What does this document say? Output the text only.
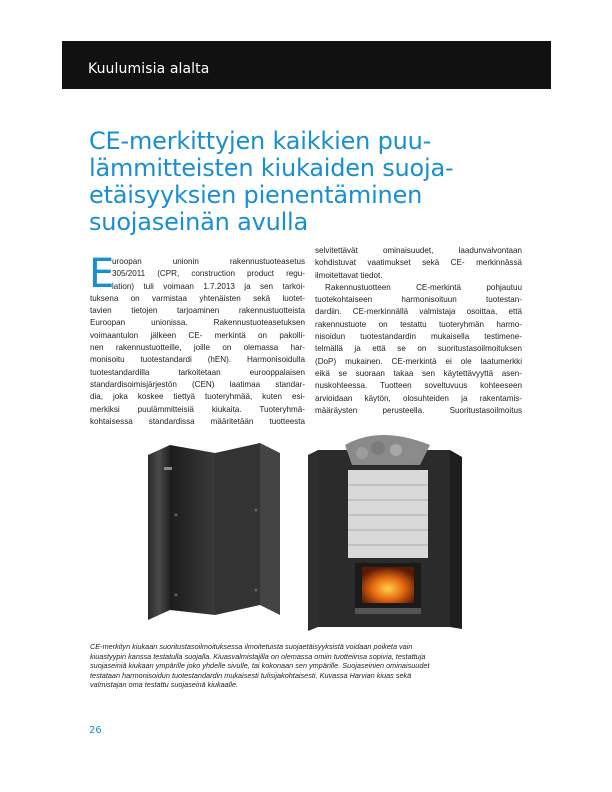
Kuulumisia alalta
CE-merkittyjen kaikkien puu-
lämmitteisten kiukaiden suoja-
etäisyyksien pienentäminen
suojaseinän avulla
E
uroopan unionin rakennustuoteasetus
305/2011 (CPR, construction product regu-
lation) tuli voimaan 1.7.2013 ja sen tarkoi-
tuksena on varmistaa yhtenäisten sekä luotet-
tavien tietojen tarjoaminen rakennustuotteista
Euroopan unionissa. Rakennustuoteasetuksen
voimaantulon jälkeen CE- merkintä on pakolli-
nen rakennustuotteille, joille on olemassa har-
monisoitu tuotestandardi (hEN). Harmonisoidulla
tuotestandardilla tarkoitetaan eurooppalaisen
standardisoimisjärjestön (CEN) laatimaa standar-
dia, joka koskee tiettyä tuoteryhmää, kuten esi-
merkiksi puulämmitteisiä kiukaita. Tuoteryhmä-
kohtaisessa standardissa määritetään tuotteesta
selvitettävät ominaisuudet, laadunvalvontaan
kohdistuvat vaatimukset sekä CE- merkinnässä
ilmoitettavat tiedot.
Rakennustuotteen CE-merkintä pohjautuu
tuotekohtaiseen harmonisoituun tuotestan-
dardiin. CE-merkinnällä valmistaja osoittaa, että
rakennustuote on testattu tuoteryhmän harmo-
nisoidun tuotestandardin mukaisella testimene-
telmällä ja että se on suoritustasoilmoituksen
(DoP) mukainen. CE-merkintä ei ole laatumerkki
eikä se suoraan takaa sen käytettävyyttä asen-
nuskohteessa. Tuotteen soveltuvuus kohteeseen
arvioidaan käytön, olosuhteiden ja rakentamis-
määräysten perusteella. Suoritustasoilmoitus
CE-merkityn kiukaan suoritustasoilmoituksessa ilmoitetuista suojaetäisyyksistä voidaan poiketa vain
kiuastyypin kanssa testatulla suojalla. Kiuasvalmistajilla on olemassa omiin tuotteiinsa sopivia, testattuja
suojaseiniä kiukaan ympärille joko yhdelle sivulle, tai kokonaan sen ympärille. Suojaseinien ominaisuudet
testataan harmonisoidun tuotestandardin mukaisesti tulisijakohtaisesti. Kuvassa Harvian kiuas sekä
valmistajan oma testattu suojaseinä kiukaalle.
26
